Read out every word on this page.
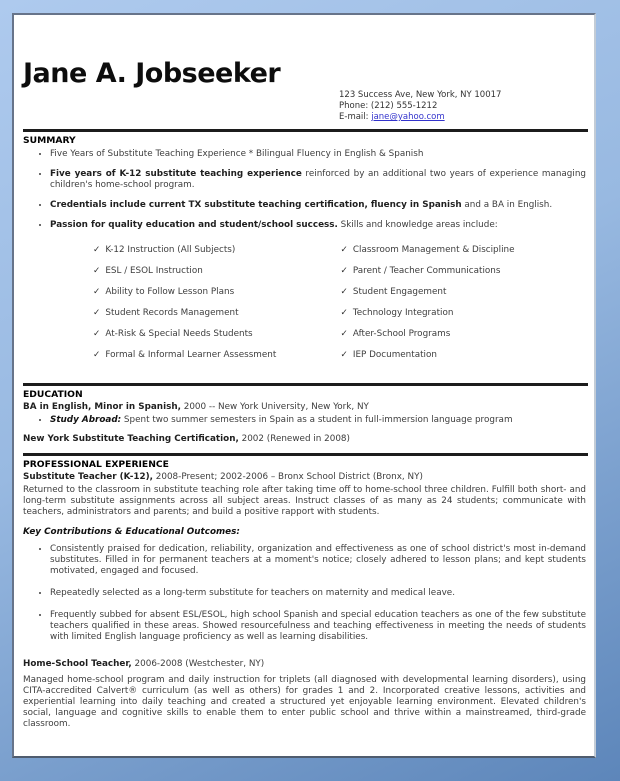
Jane A. Jobseeker
123 Success Ave, New York, NY 10017
Phone: (212) 555-1212
E-mail: jane@yahoo.com
SUMMARY
• Five Years of Substitute Teaching Experience * Bilingual Fluency in English & Spanish
• Five years of K-12 substitute teaching experience reinforced by an additional two years of experience managing children's home-school program.
• Credentials include current TX substitute teaching certification, fluency in Spanish and a BA in English.
• Passion for quality education and student/school success. Skills and knowledge areas include:
✓ K-12 Instruction (All Subjects)
✓ ESL / ESOL Instruction
✓ Ability to Follow Lesson Plans
✓ Student Records Management
✓ At-Risk & Special Needs Students
✓ Formal & Informal Learner Assessment
✓ Classroom Management & Discipline
✓ Parent / Teacher Communications
✓ Student Engagement
✓ Technology Integration
✓ After-School Programs
✓ IEP Documentation
EDUCATION
BA in English, Minor in Spanish, 2000 -- New York University, New York, NY
• Study Abroad: Spent two summer semesters in Spain as a student in full-immersion language program
New York Substitute Teaching Certification, 2002 (Renewed in 2008)
PROFESSIONAL EXPERIENCE
Substitute Teacher (K-12), 2008-Present; 2002-2006 – Bronx School District (Bronx, NY)
Returned to the classroom in substitute teaching role after taking time off to home-school three children. Fulfill both short- and long-term substitute assignments across all subject areas. Instruct classes of as many as 24 students; communicate with teachers, administrators and parents; and build a positive rapport with students.
Key Contributions & Educational Outcomes:
• Consistently praised for dedication, reliability, organization and effectiveness as one of school district's most in-demand substitutes. Filled in for permanent teachers at a moment's notice; closely adhered to lesson plans; and kept students motivated, engaged and focused.
• Repeatedly selected as a long-term substitute for teachers on maternity and medical leave.
• Frequently subbed for absent ESL/ESOL, high school Spanish and special education teachers as one of the few substitute teachers qualified in these areas. Showed resourcefulness and teaching effectiveness in meeting the needs of students with limited English language proficiency as well as learning disabilities.
Home-School Teacher, 2006-2008 (Westchester, NY)
Managed home-school program and daily instruction for triplets (all diagnosed with developmental learning disorders), using CITA-accredited Calvert® curriculum (as well as others) for grades 1 and 2. Incorporated creative lessons, activities and experiential learning into daily teaching and created a structured yet enjoyable learning environment. Elevated children's social, language and cognitive skills to enable them to enter public school and thrive within a mainstreamed, third-grade classroom.
